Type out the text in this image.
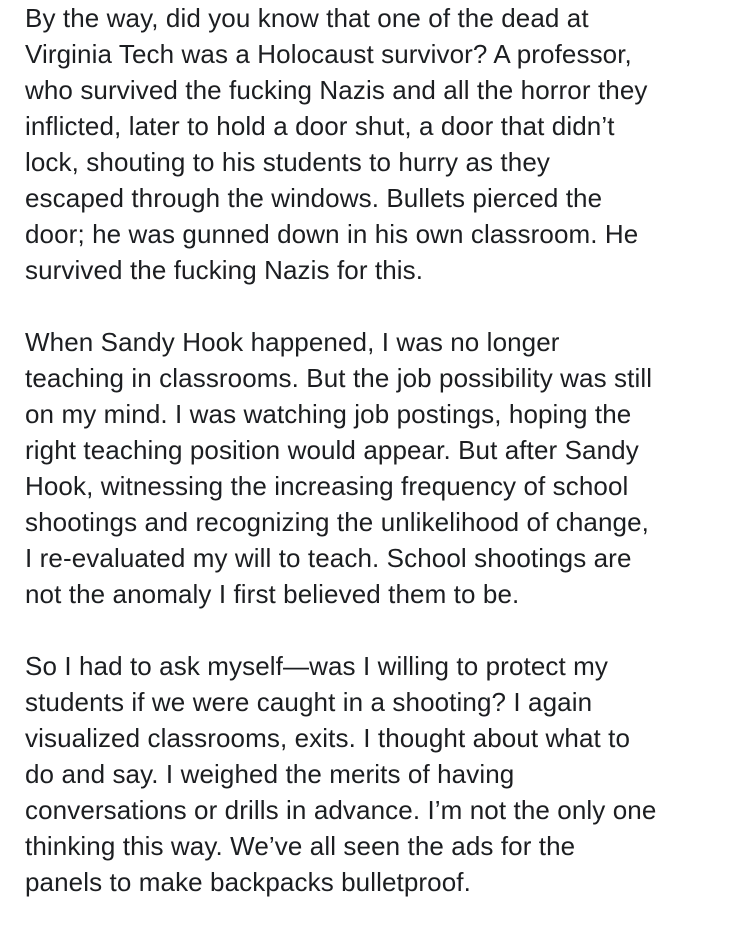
By the way, did you know that one of the dead at
Virginia Tech was a Holocaust survivor? A professor,
who survived the fucking Nazis and all the horror they
inflicted, later to hold a door shut, a door that didn’t
lock, shouting to his students to hurry as they
escaped through the windows. Bullets pierced the
door; he was gunned down in his own classroom. He
survived the fucking Nazis for this.
When Sandy Hook happened, I was no longer
teaching in classrooms. But the job possibility was still
on my mind. I was watching job postings, hoping the
right teaching position would appear. But after Sandy
Hook, witnessing the increasing frequency of school
shootings and recognizing the unlikelihood of change,
I re-evaluated my will to teach. School shootings are
not the anomaly I first believed them to be.
So I had to ask myself—was I willing to protect my
students if we were caught in a shooting? I again
visualized classrooms, exits. I thought about what to
do and say. I weighed the merits of having
conversations or drills in advance. I’m not the only one
thinking this way. We’ve all seen the ads for the
panels to make backpacks bulletproof.
